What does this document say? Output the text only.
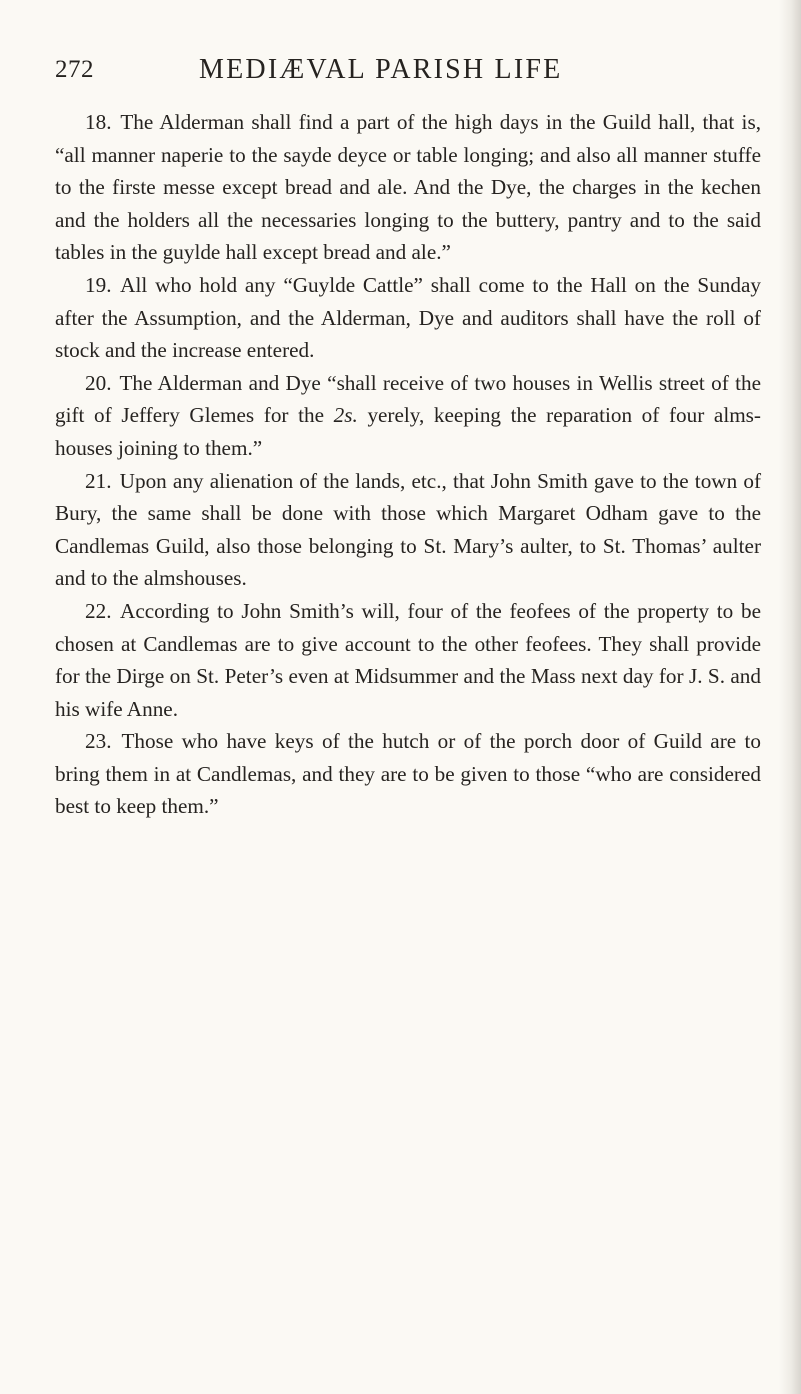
272	MEDIÆVAL PARISH LIFE

18. The Alderman shall find a part of the high days in the Guild hall, that is, “all manner naperie to the sayde deyce or table longing; and also all manner stuffe to the firste messe except bread and ale. And the Dye, the charges in the kechen and the holders all the necessaries longing to the buttery, pantry and to the said tables in the guylde hall except bread and ale.”

19. All who hold any “Guylde Cattle” shall come to the Hall on the Sunday after the Assumption, and the Alderman, Dye and auditors shall have the roll of stock and the increase entered.

20. The Alderman and Dye “shall receive of two houses in Wellis street of the gift of Jeffery Glemes for the 2s. yerely, keeping the reparation of four alms-houses joining to them.”

21. Upon any alienation of the lands, etc., that John Smith gave to the town of Bury, the same shall be done with those which Margaret Odham gave to the Candlemas Guild, also those belonging to St. Mary’s aulter, to St. Thomas’ aulter and to the almshouses.

22. According to John Smith’s will, four of the feofees of the property to be chosen at Candlemas are to give account to the other feofees. They shall provide for the Dirge on St. Peter’s even at Midsummer and the Mass next day for J. S. and his wife Anne.

23. Those who have keys of the hutch or of the porch door of Guild are to bring them in at Candlemas, and they are to be given to those “who are considered best to keep them.”
